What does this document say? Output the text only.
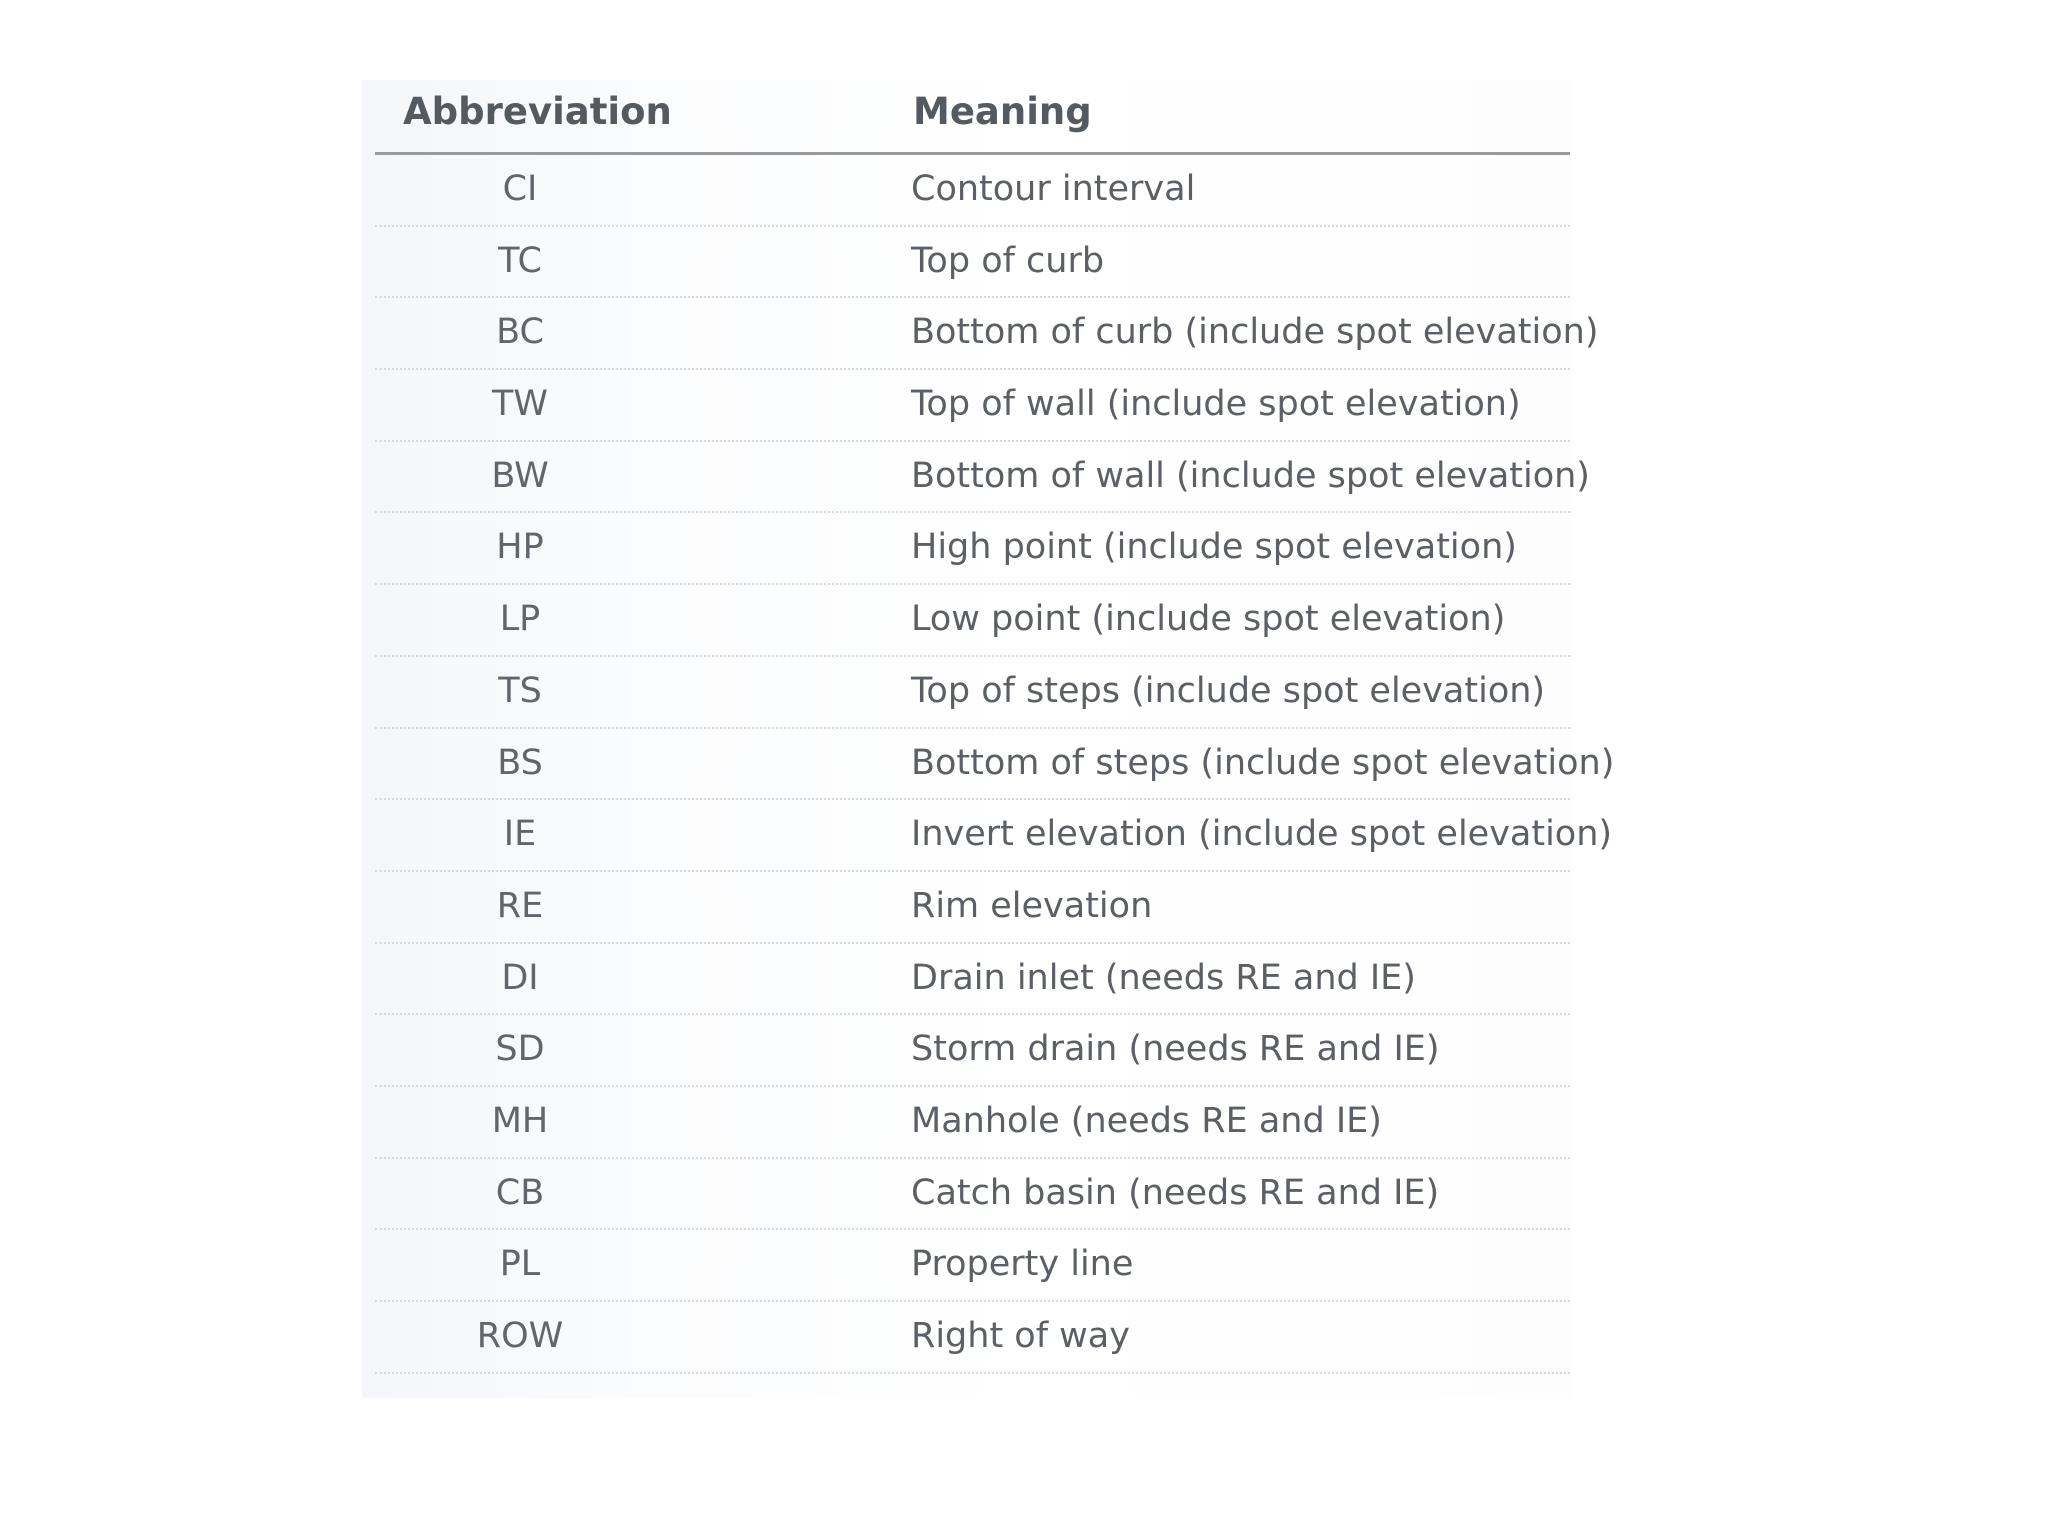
Abbreviation	Meaning
CI	Contour interval
TC	Top of curb
BC	Bottom of curb (include spot elevation)
TW	Top of wall (include spot elevation)
BW	Bottom of wall (include spot elevation)
HP	High point (include spot elevation)
LP	Low point (include spot elevation)
TS	Top of steps (include spot elevation)
BS	Bottom of steps (include spot elevation)
IE	Invert elevation (include spot elevation)
RE	Rim elevation
DI	Drain inlet (needs RE and IE)
SD	Storm drain (needs RE and IE)
MH	Manhole (needs RE and IE)
CB	Catch basin (needs RE and IE)
PL	Property line
ROW	Right of way
